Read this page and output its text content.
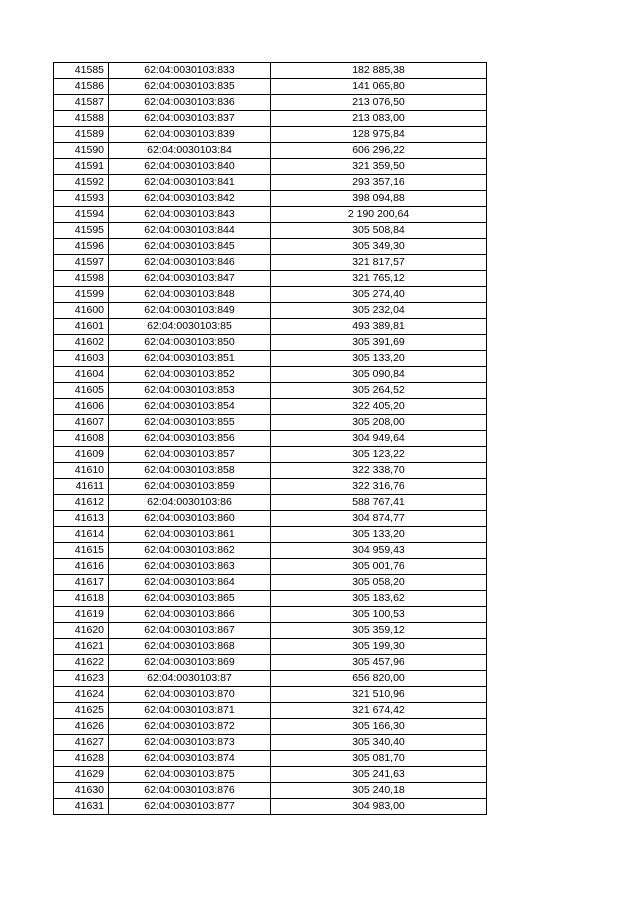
41585	62:04:0030103:833	182 885,38
41586	62:04:0030103:835	141 065,80
41587	62:04:0030103:836	213 076,50
41588	62:04:0030103:837	213 083,00
41589	62:04:0030103:839	128 975,84
41590	62:04:0030103:84	606 296,22
41591	62:04:0030103:840	321 359,50
41592	62:04:0030103:841	293 357,16
41593	62:04:0030103:842	398 094,88
41594	62:04:0030103:843	2 190 200,64
41595	62:04:0030103:844	305 508,84
41596	62:04:0030103:845	305 349,30
41597	62:04:0030103:846	321 817,57
41598	62:04:0030103:847	321 765,12
41599	62:04:0030103:848	305 274,40
41600	62:04:0030103:849	305 232,04
41601	62:04:0030103:85	493 389,81
41602	62:04:0030103:850	305 391,69
41603	62:04:0030103:851	305 133,20
41604	62:04:0030103:852	305 090,84
41605	62:04:0030103:853	305 264,52
41606	62:04:0030103:854	322 405,20
41607	62:04:0030103:855	305 208,00
41608	62:04:0030103:856	304 949,64
41609	62:04:0030103:857	305 123,22
41610	62:04:0030103:858	322 338,70
41611	62:04:0030103:859	322 316,76
41612	62:04:0030103:86	588 767,41
41613	62:04:0030103:860	304 874,77
41614	62:04:0030103:861	305 133,20
41615	62:04:0030103:862	304 959,43
41616	62:04:0030103:863	305 001,76
41617	62:04:0030103:864	305 058,20
41618	62:04:0030103:865	305 183,62
41619	62:04:0030103:866	305 100,53
41620	62:04:0030103:867	305 359,12
41621	62:04:0030103:868	305 199,30
41622	62:04:0030103:869	305 457,96
41623	62:04:0030103:87	656 820,00
41624	62:04:0030103:870	321 510,96
41625	62:04:0030103:871	321 674,42
41626	62:04:0030103:872	305 166,30
41627	62:04:0030103:873	305 340,40
41628	62:04:0030103:874	305 081,70
41629	62:04:0030103:875	305 241,63
41630	62:04:0030103:876	305 240,18
41631	62:04:0030103:877	304 983,00
